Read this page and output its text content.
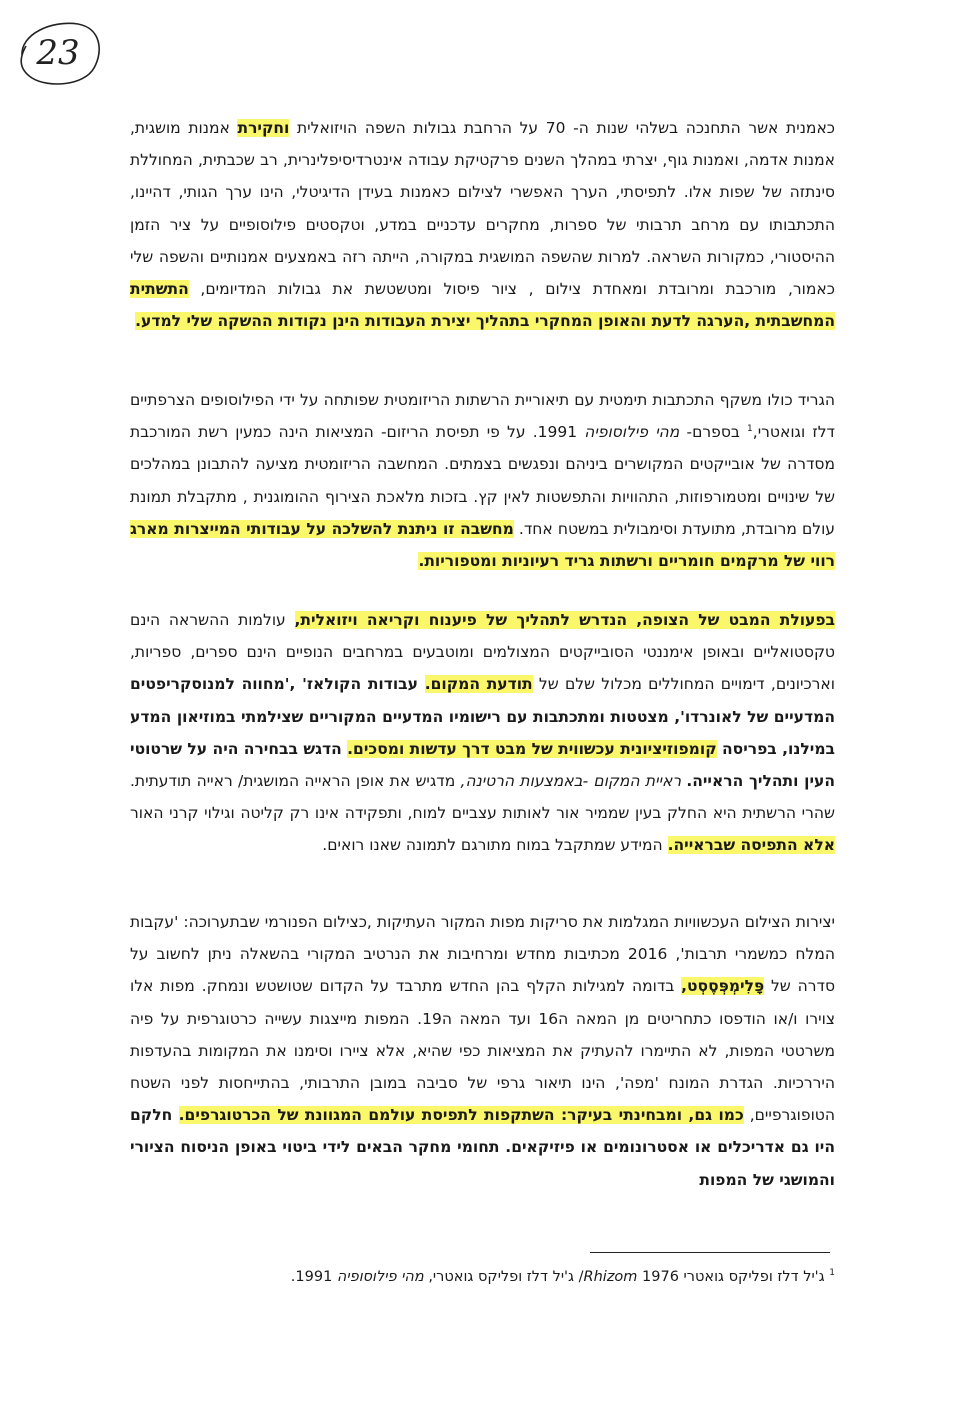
23
כאמנית אשר התחנכה בשלהי שנות ה- 70 על הרחבת גבולות השפה הויזואלית וחקירת אמנות מושגית, אמנות אדמה, ואמנות גוף, יצרתי במהלך השנים פרקטיקת עבודה אינטרדיסיפלינרית, רב שכבתית, המחוללת סינתזה של שפות אלו. לתפיסתי, הערך האפשרי לצילום כאמנות בעידן הדיגיטלי, הינו ערך הגותי, דהיינו, התכתבותו עם מרחב תרבותי של ספרות, מחקרים עדכניים במדע, וטקסטים פילוסופיים על ציר הזמן ההיסטורי, כמקורות השראה. למרות שהשפה המושגית במקורה, הייתה רזה באמצעים אמנותיים והשפה שלי כאמור, מורכבת ומרובדת ומאחדת צילום , ציור פיסול ומטשטשת את גבולות המדיומים, התשתית המחשבתית ,הערגה לדעת והאופן המחקרי בתהליך יצירת העבודות הינן נקודות ההשקה שלי למדע.
הגריד כולו משקף התכתבות תימטית עם תיאוריית הרשתות הריזומטית שפותחה על ידי הפילוסופים הצרפתיים דלז וגואטרי,$^1$ בספרם- מהי פילוסופיה 1991. על פי תפיסת הריזום- המציאות הינה כמעין רשת המורכבת מסדרה של אובייקטים המקושרים ביניהם ונפגשים בצמתים. המחשבה הריזומטית מציעה להתבונן במהלכים של שינויים ומטמורפוזות, התהוויות והתפשטות לאין קץ. בזכות מלאכת הצירוף ההומוגנית , מתקבלת תמונת עולם מרובדת, מתועדת וסימבולית במשטח אחד. מחשבה זו ניתנת להשלכה על עבודותי המייצרות מארג רווי של מרקמים חומריים ורשתות גריד רעיוניות ומטפוריות.
בפעולת המבט של הצופה, הנדרש לתהליך של פיענוח וקריאה ויזואלית, עולמות ההשראה הינם טקסטואליים ובאופן אימננטי הסובייקטים המצולמים ומוטבעים במרחבים הנופיים הינם ספרים, ספריות, וארכיונים, דימויים המחוללים מכלול שלם של תודעת המקום. עבודות הקולאז' ,'מחווה למנוסקריפטים המדעיים של לאונרדו', מצטטות ומתכתבות עם רישומיו המדעיים המקוריים שצילמתי במוזיאון המדע במילנו, בפריסה קומפוזיציונית עכשווית של מבט דרך עדשות ומסכים. הדגש בבחירה היה על שרטוטי העין ותהליך הראייה. ראיית המקום -באמצעות הרטינה, מדגיש את אופן הראייה המושגית/ ראייה תודעתית. שהרי הרשתית היא החלק בעין שממיר אור לאותות עצביים למוח, ותפקידה אינו רק קליטה וגילוי קרני האור אלא התפיסה שבראייה. המידע שמתקבל במוח מתורגם לתמונה שאנו רואים.
יצירות הצילום העכשוויות המגלמות את סריקות מפות המקור העתיקות ,כצילום הפנורמי שבתערוכה: 'עקבות המלח כמשמרי תרבות', 2016 מכתיבות מחדש ומרחיבות את הנרטיב המקורי בהשאלה ניתן לחשוב על סדרה של פָּלִימְפְּסֶסְט, בדומה למגילות הקלף בהן החדש מתרבד על הקדום שטושטש ונמחק. מפות אלו צוירו ו/או הודפסו כתחריטים מן המאה ה16 ועד המאה ה19. המפות מייצגות עשייה כרטוגרפית על פיה משרטטי המפות, לא התיימרו להעתיק את המציאות כפי שהיא, אלא ציירו וסימנו את המקומות בהעדפות היררכיות. הגדרת המונח 'מפה', הינו תיאור גרפי של סביבה במובן התרבותי, בהתייחסות לפני השטח הטופוגרפיים, כמו גם, ומבחינתי בעיקר: השתקפות לתפיסת עולמם המגוונת של הכרטוגרפים. חלקם היו גם אדריכלים או אסטרונומים או פיזיקאים. תחומי מחקר הבאים לידי ביטוי באופן הניסוח הציורי והמושגי של המפות
$^1$ ג'יל דלז ופליקס גואטרי Rhizom 1976/ ג'יל דלז ופליקס גואטרי, מהי פילוסופיה 1991.
